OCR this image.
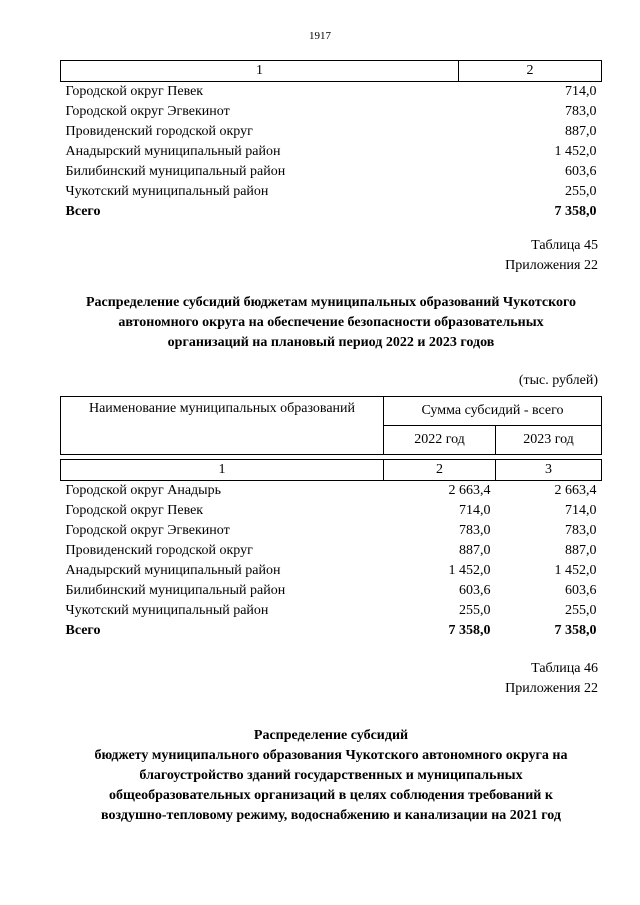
1917
1	2
Городской округ Певек	714,0
Городской округ Эгвекинот	783,0
Провиденский городской округ	887,0
Анадырский муниципальный район	1 452,0
Билибинский муниципальный район	603,6
Чукотский муниципальный район	255,0
Всего	7 358,0
Таблица 45
Приложения 22
Распределение субсидий бюджетам муниципальных образований Чукотского
автономного округа на обеспечение безопасности образовательных
организаций на плановый период 2022 и 2023 годов
(тыс. рублей)
Наименование муниципальных образований	Сумма субсидий - всего	
	2022 год	2023 год

1	2	3
Городской округ Анадырь	2 663,4	2 663,4
Городской округ Певек	714,0	714,0
Городской округ Эгвекинот	783,0	783,0
Провиденский городской округ	887,0	887,0
Анадырский муниципальный район	1 452,0	1 452,0
Билибинский муниципальный район	603,6	603,6
Чукотский муниципальный район	255,0	255,0
Всего	7 358,0	7 358,0
Таблица 46
Приложения 22
Распределение субсидий
бюджету муниципального образования Чукотского автономного округа на
благоустройство зданий государственных и муниципальных
общеобразовательных организаций в целях соблюдения требований к
воздушно-тепловому режиму, водоснабжению и канализации на 2021 год
